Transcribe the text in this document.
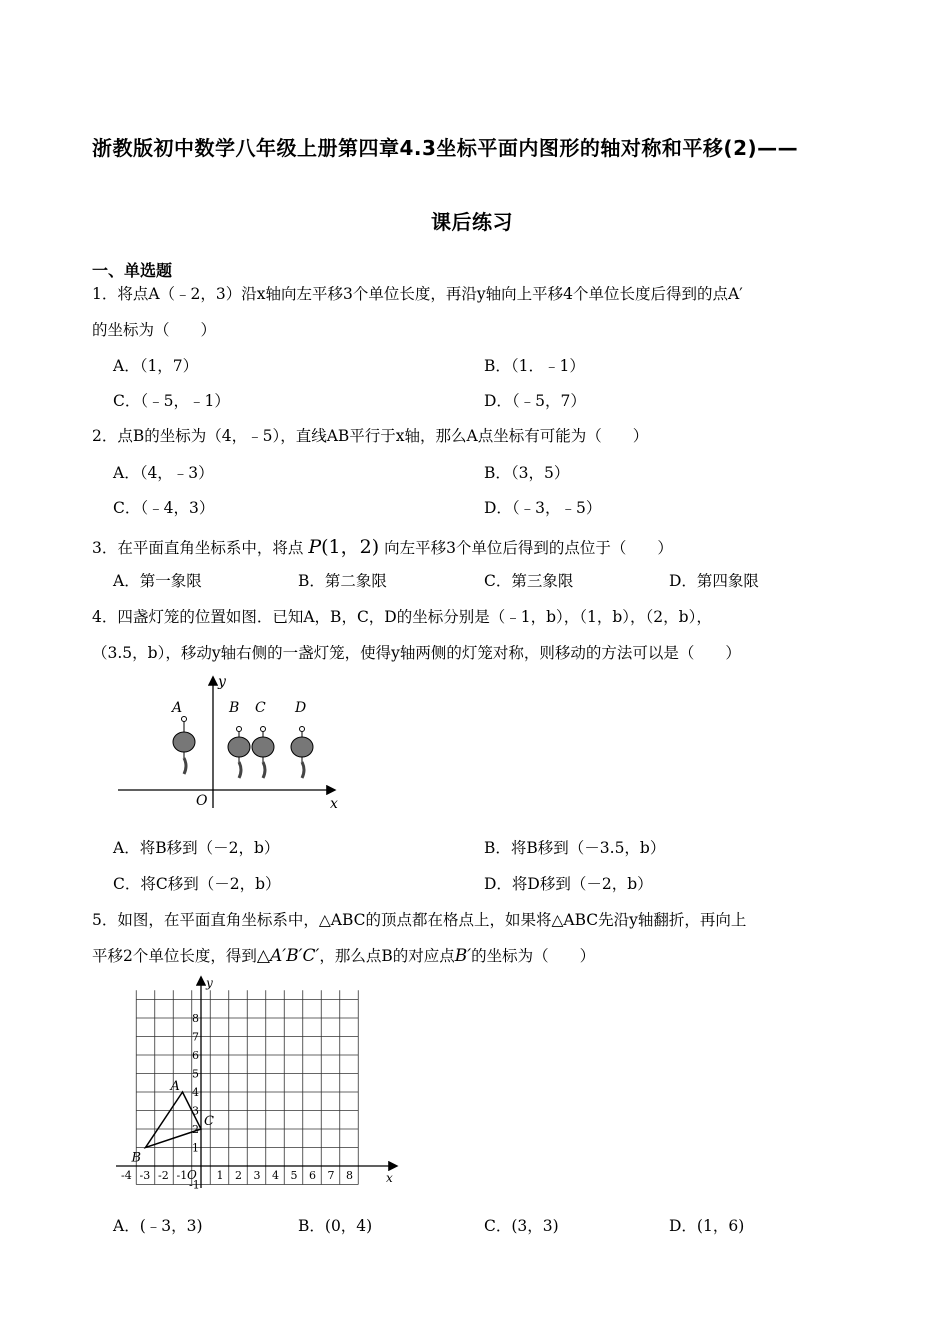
浙教版初中数学八年级上册第四章4.3坐标平面内图形的轴对称和平移(2)——
课后练习
一、单选题
1．将点A（﹣2，3）沿x轴向左平移3个单位长度，再沿y轴向上平移4个单位长度后得到的点A′
的坐标为（　　）
A．（1，7）	B．（1．﹣1）
C．（﹣5，﹣1）	D．（﹣5，7）
2．点B的坐标为（4，﹣5），直线AB平行于x轴，那么A点坐标有可能为（　　）
A．（4，﹣3）	B．（3，5）
C．（﹣4，3）	D．（﹣3，﹣5）
3．在平面直角坐标系中，将点 P(1，2) 向左平移3个单位后得到的点位于（　　）
A．第一象限	B．第二象限	C．第三象限	D．第四象限
4．四盏灯笼的位置如图．已知A，B，C，D的坐标分别是（﹣1，b），（1，b），（2，b），
（3.5，b），移动y轴右侧的一盏灯笼，使得y轴两侧的灯笼对称，则移动的方法可以是（　　）
x
y
O
A	B C D
A．将B移到（－2，b）	B．将B移到（－3.5，b）
C．将C移到（－2，b）	D．将D移到（－2，b）
5．如图，在平面直角坐标系中，△ABC的顶点都在格点上，如果将△ABC先沿y轴翻折，再向上
平移2个单位长度，得到△A′B′C′，那么点B的对应点B′的坐标为（　　）
x
y
O
-4 -3 -2 -1	1 2 3 4 5 6 7 8
-1
1
2
3
4
5
6
7
8
A
B
C
A．(﹣3，3)	B．(0，4)	C．(3，3)	D．(1，6)
